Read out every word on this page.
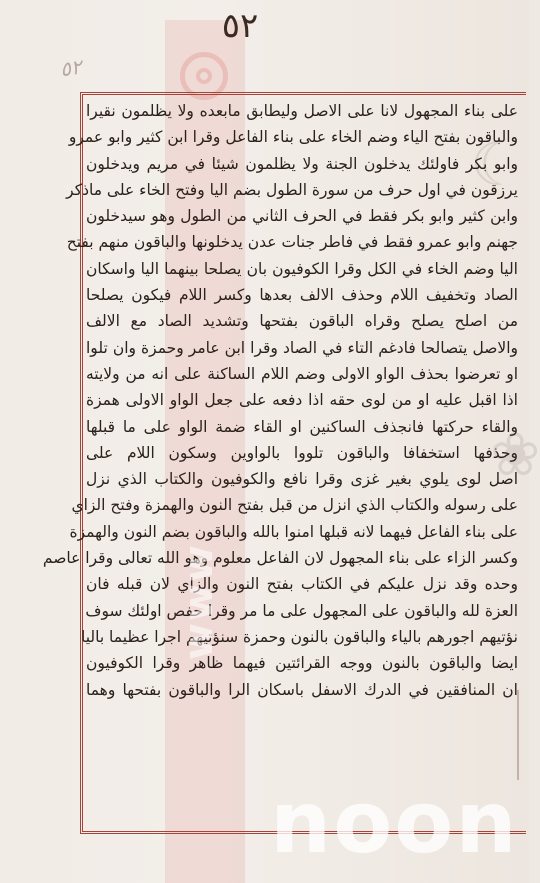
☾
❀
٥٢
٥٢
على بناء المجهول لانا على الاصل وليطابق مابعده ولا يظلمون نقيرا
والباقون بفتح الياء وضم الخاء على بناء الفاعل وقرا ابن كثير وابو عمرو
وابو بكر فاولئك يدخلون الجنة ولا يظلمون شيئا في مريم ويدخلون
يرزقون في اول حرف من سورة الطول بضم اليا وفتح الخاء على ماذكر
وابن كثير وابو بكر فقط في الحرف الثاني من الطول وهو سيدخلون
جهنم وابو عمرو فقط في فاطر جنات عدن يدخلونها والباقون منهم بفتح
اليا وضم الخاء في الكل وقرا الكوفيون بان يصلحا بينهما اليا واسكان
الصاد وتخفيف اللام وحذف الالف بعدها وكسر اللام فيكون يصلحا
من اصلح يصلح وقراه الباقون بفتحها وتشديد الصاد مع الالف
والاصل يتصالحا فادغم التاء في الصاد وقرا ابن عامر وحمزة وان تلوا
او تعرضوا بحذف الواو الاولى وضم اللام الساكنة على انه من ولايته
اذا اقبل عليه او من لوى حقه اذا دفعه على جعل الواو الاولى همزة
والقاء حركتها فانجذف الساكنين او القاء ضمة الواو على ما قبلها
وحذفها استخفافا والباقون تلووا بالواوين وسكون اللام على
اصل لوى يلوي بغير غزى وقرا نافع والكوفيون والكتاب الذي نزل
على رسوله والكتاب الذي انزل من قبل بفتح النون والهمزة وفتح الزاي
على بناء الفاعل فيهما لانه قبلها امنوا بالله والباقون بضم النون والهمزة
وكسر الزاء على بناء المجهول لان الفاعل معلوم وهو الله تعالى وقرا عاصم
وحده وقد نزل عليكم في الكتاب بفتح النون والزاي لان قبله فان
العزة لله والباقون على المجهول على ما مر وقرا حفص اولئك سوف
نؤتيهم اجورهم بالياء والباقون بالنون وحمزة سنؤتيهم اجرا عظيما باليا
ايضا والباقون بالنون ووجه القرائتين فيهما ظاهر وقرا الكوفيون
ان المنافقين في الدرك الاسفل باسكان الرا والباقون بفتحها وهما
www
noon
